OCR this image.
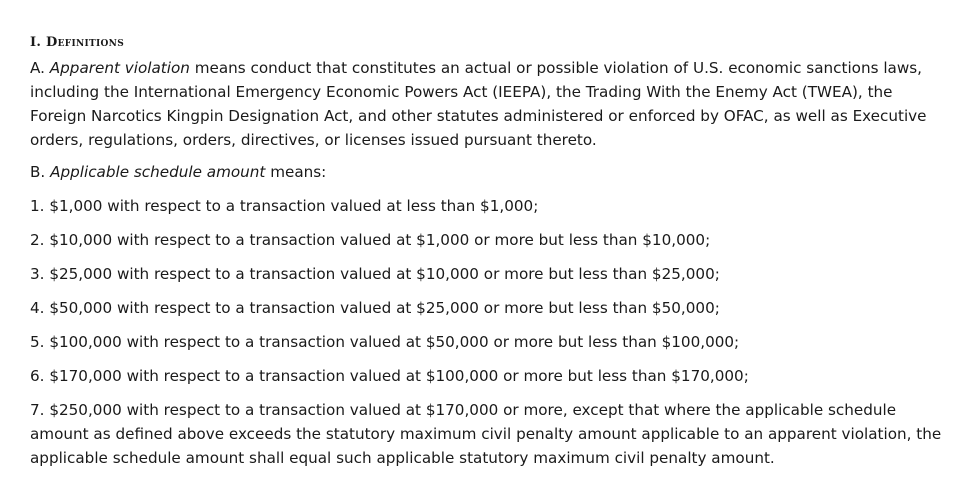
I. Definitions

A. Apparent violation means conduct that constitutes an actual or possible violation of U.S. economic sanctions laws, including the International Emergency Economic Powers Act (IEEPA), the Trading With the Enemy Act (TWEA), the Foreign Narcotics Kingpin Designation Act, and other statutes administered or enforced by OFAC, as well as Executive orders, regulations, orders, directives, or licenses issued pursuant thereto.

B. Applicable schedule amount means:

1. $1,000 with respect to a transaction valued at less than $1,000;

2. $10,000 with respect to a transaction valued at $1,000 or more but less than $10,000;

3. $25,000 with respect to a transaction valued at $10,000 or more but less than $25,000;

4. $50,000 with respect to a transaction valued at $25,000 or more but less than $50,000;

5. $100,000 with respect to a transaction valued at $50,000 or more but less than $100,000;

6. $170,000 with respect to a transaction valued at $100,000 or more but less than $170,000;

7. $250,000 with respect to a transaction valued at $170,000 or more, except that where the applicable schedule amount as defined above exceeds the statutory maximum civil penalty amount applicable to an apparent violation, the applicable schedule amount shall equal such applicable statutory maximum civil penalty amount.
